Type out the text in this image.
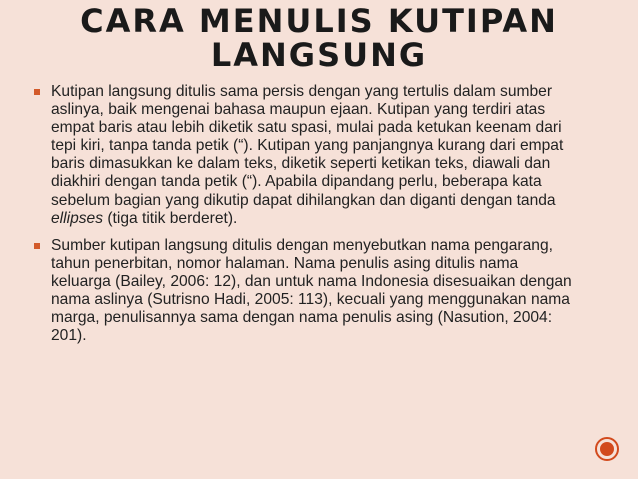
CARA MENULIS KUTIPAN
LANGSUNG
Kutipan langsung ditulis sama persis dengan yang tertulis dalam sumber aslinya, baik mengenai bahasa maupun ejaan. Kutipan yang terdiri atas empat baris atau lebih diketik satu spasi, mulai pada ketukan keenam dari tepi kiri, tanpa tanda petik (“). Kutipan yang panjangnya kurang dari empat baris dimasukkan ke dalam teks, diketik seperti ketikan teks, diawali dan diakhiri dengan tanda petik (“). Apabila dipandang perlu, beberapa kata sebelum bagian yang dikutip dapat dihilangkan dan diganti dengan tanda ellipses (tiga titik berderet).
Sumber kutipan langsung ditulis dengan menyebutkan nama pengarang, tahun penerbitan, nomor halaman. Nama penulis asing ditulis nama keluarga (Bailey, 2006: 12), dan untuk nama Indonesia disesuaikan dengan nama aslinya (Sutrisno Hadi, 2005: 113), kecuali yang menggunakan nama marga, penulisannya sama dengan nama penulis asing (Nasution, 2004: 201).
